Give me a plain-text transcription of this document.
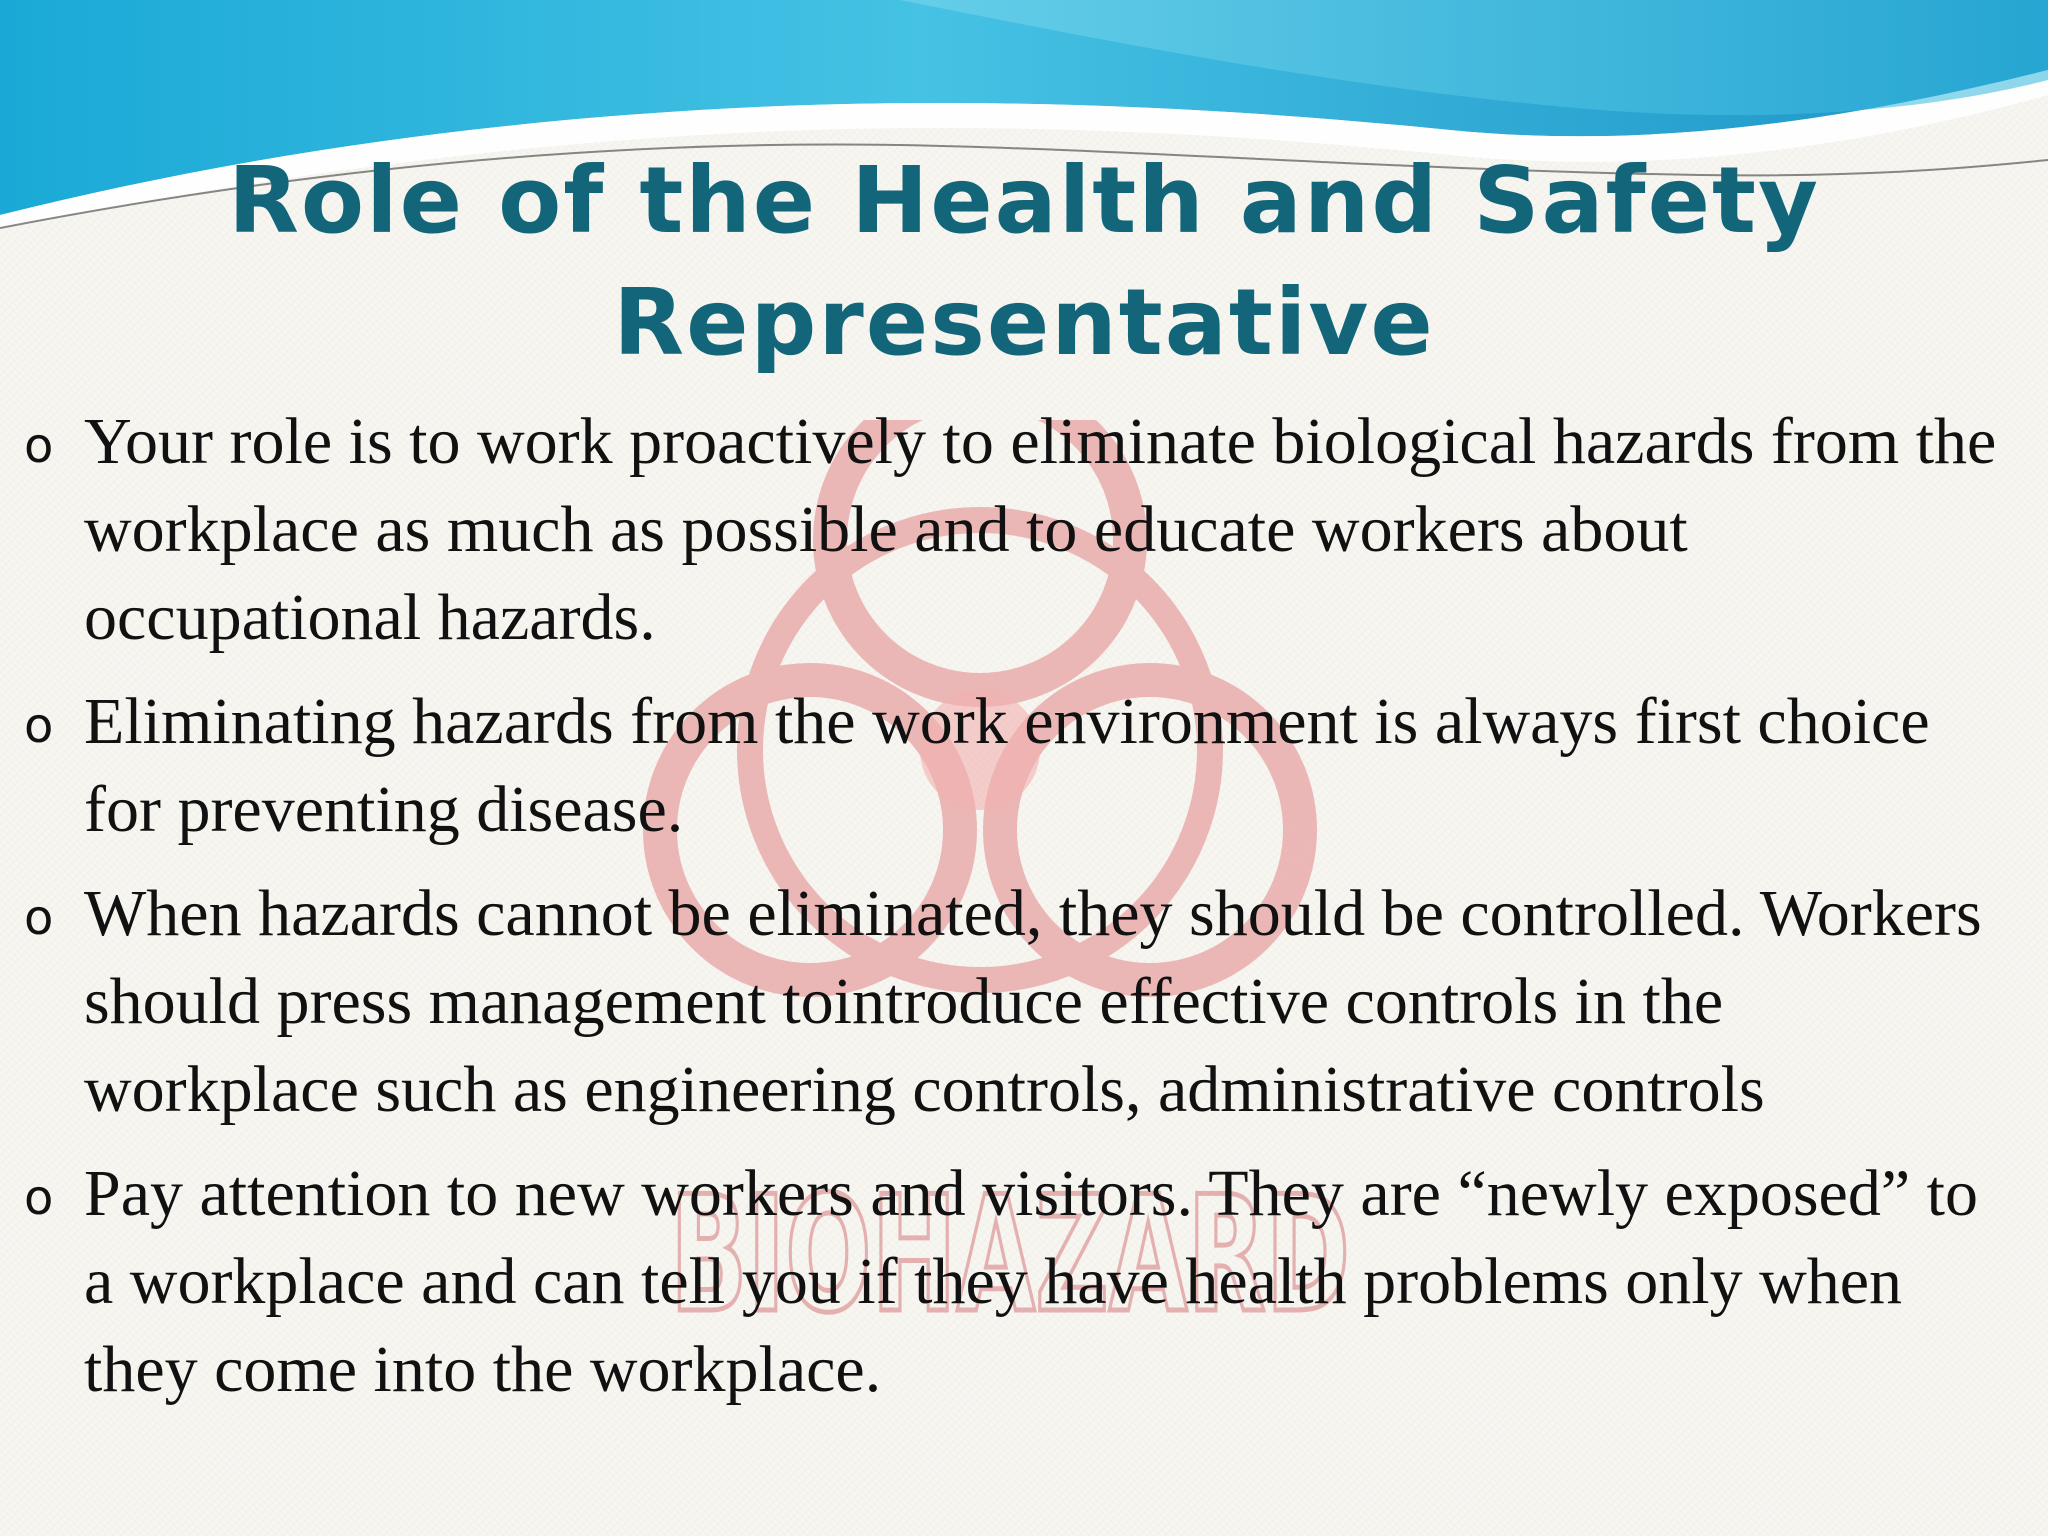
BIOHAZARD
Role of the Health and Safety
Representative
o Your role is to work proactively to eliminate biological hazards from the workplace as much as possible and to educate workers about occupational hazards.
o Eliminating hazards from the work environment is always first choice for preventing disease.
o When hazards cannot be eliminated, they should be controlled. Workers should press management tointroduce effective controls in the workplace such as engineering controls, administrative controls
o Pay attention to new workers and visitors. They are “newly exposed” to a workplace and can tell you if they have health problems only when they come into the workplace.
